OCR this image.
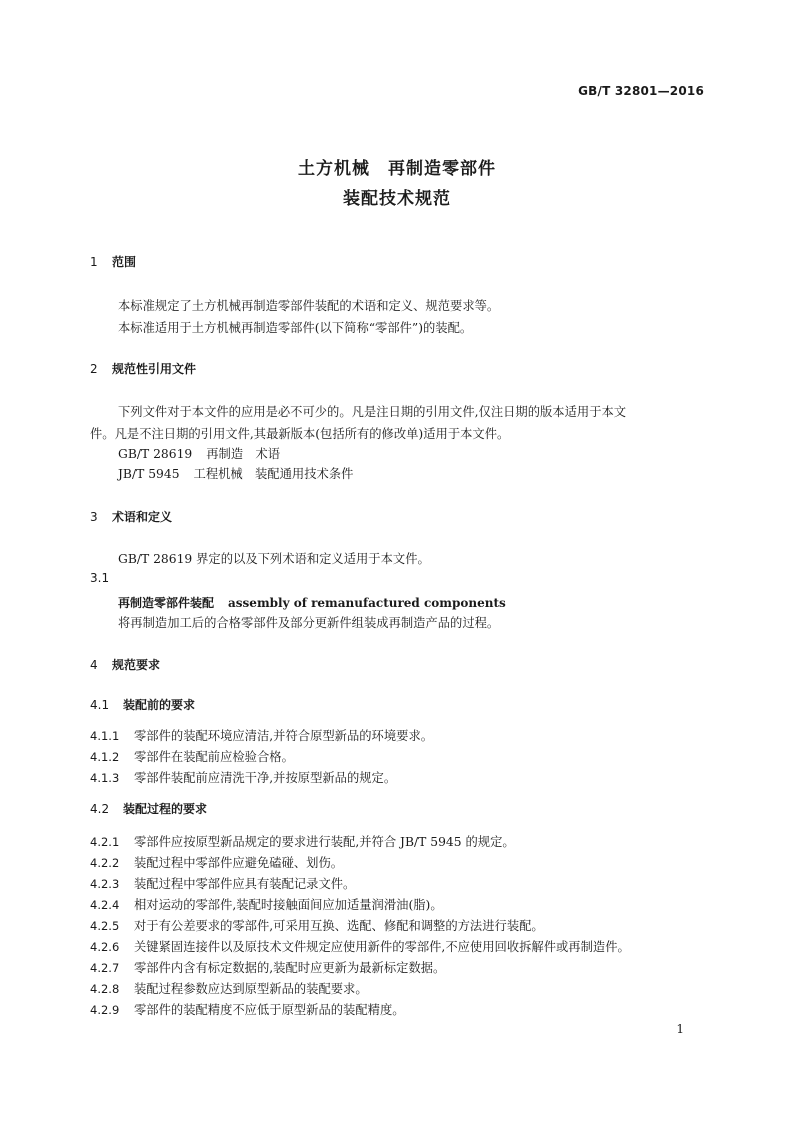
GB/T 32801—2016
土方机械　再制造零部件
装配技术规范
1 范围
本标准规定了土方机械再制造零部件装配的术语和定义、规范要求等。
本标准适用于土方机械再制造零部件(以下简称“零部件”)的装配。
2 规范性引用文件
下列文件对于本文件的应用是必不可少的。凡是注日期的引用文件,仅注日期的版本适用于本文
件。凡是不注日期的引用文件,其最新版本(包括所有的修改单)适用于本文件。
GB/T 28619 再制造　术语
JB/T 5945 工程机械　装配通用技术条件
3 术语和定义
GB/T 28619 界定的以及下列术语和定义适用于本文件。
3.1
再制造零部件装配 assembly of remanufactured components
将再制造加工后的合格零部件及部分更新件组装成再制造产品的过程。
4 规范要求
4.1 装配前的要求
4.1.1 零部件的装配环境应清洁,并符合原型新品的环境要求。
4.1.2 零部件在装配前应检验合格。
4.1.3 零部件装配前应清洗干净,并按原型新品的规定。
4.2 装配过程的要求
4.2.1 零部件应按原型新品规定的要求进行装配,并符合 JB/T 5945 的规定。
4.2.2 装配过程中零部件应避免磕碰、划伤。
4.2.3 装配过程中零部件应具有装配记录文件。
4.2.4 相对运动的零部件,装配时接触面间应加适量润滑油(脂)。
4.2.5 对于有公差要求的零部件,可采用互换、选配、修配和调整的方法进行装配。
4.2.6 关键紧固连接件以及原技术文件规定应使用新件的零部件,不应使用回收拆解件或再制造件。
4.2.7 零部件内含有标定数据的,装配时应更新为最新标定数据。
4.2.8 装配过程参数应达到原型新品的装配要求。
4.2.9 零部件的装配精度不应低于原型新品的装配精度。
1
